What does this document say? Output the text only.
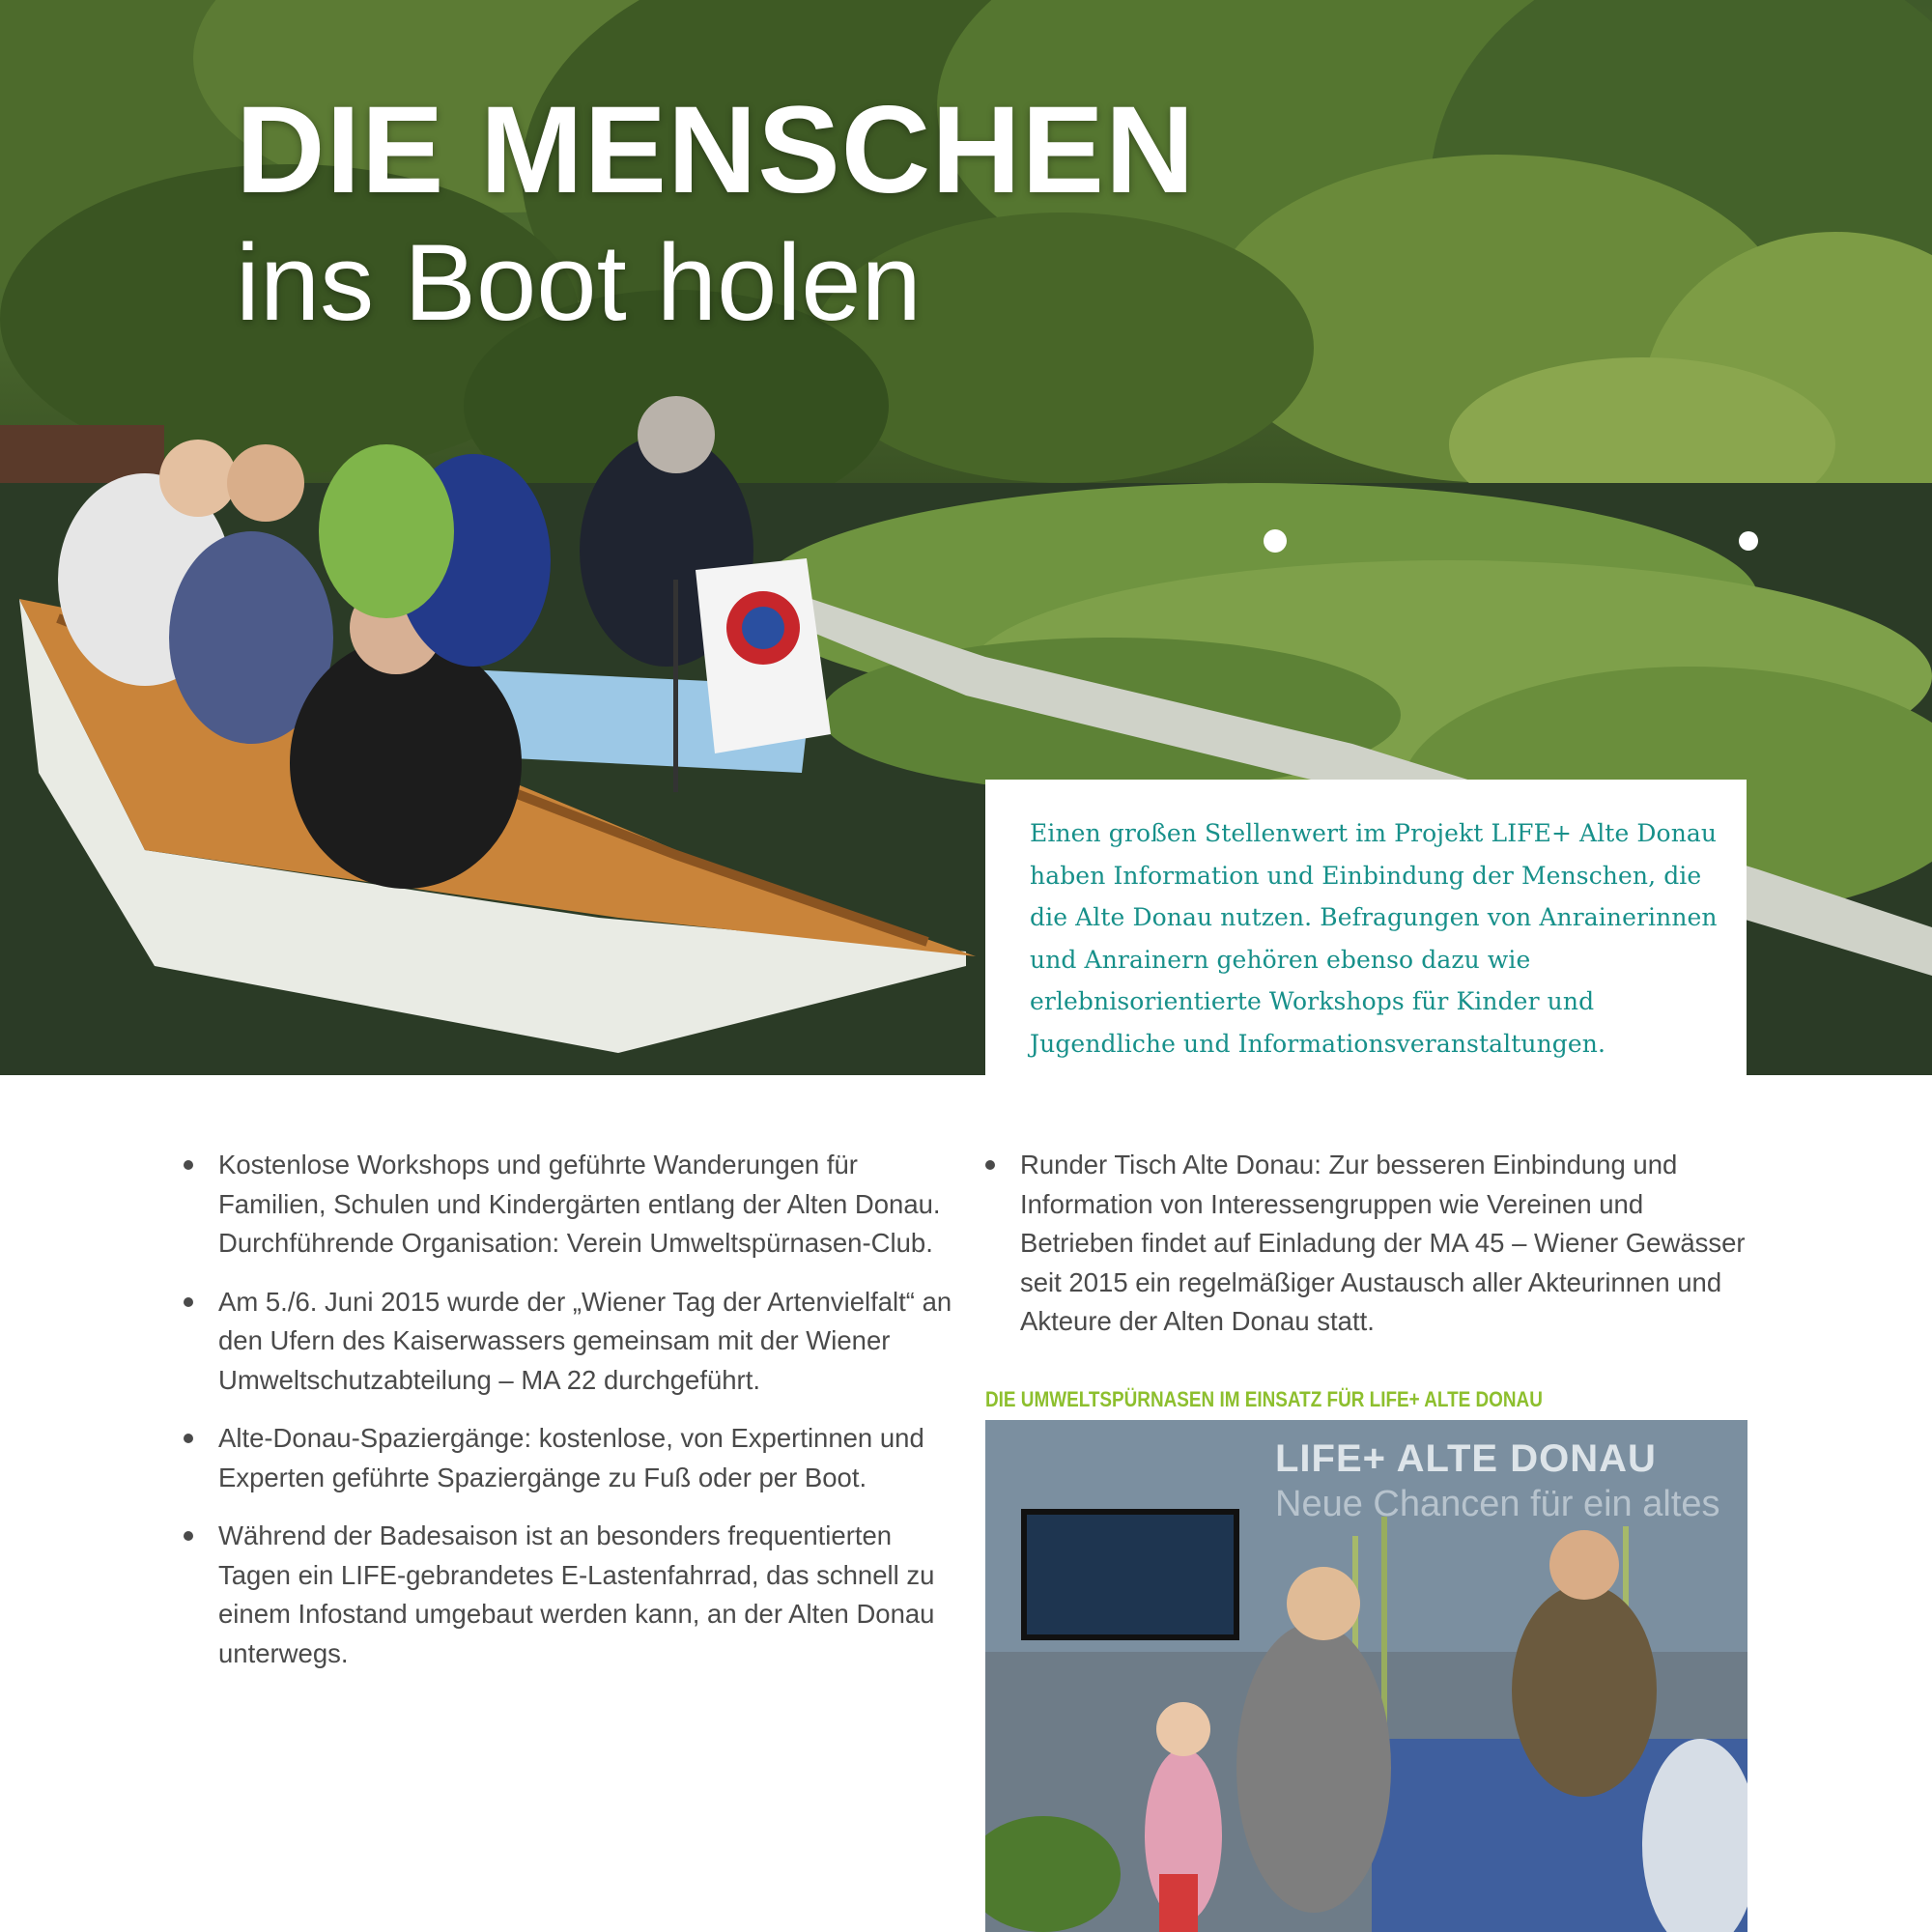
DIE MENSCHEN
ins Boot holen

Einen großen Stellenwert im Projekt LIFE+ Alte Donau haben Information und Einbindung der Menschen, die die Alte Donau nutzen. Befragungen von Anrainerinnen und Anrainern gehören ebenso dazu wie erlebnisorientierte Workshops für Kinder und Jugendliche und Informationsveranstaltungen.

Kostenlose Workshops und geführte Wanderungen für Familien, Schulen und Kindergärten entlang der Alten Donau. Durchführende Organisation: Verein Umweltspürnasen-Club.
Am 5./6. Juni 2015 wurde der „Wiener Tag der Artenvielfalt“ an den Ufern des Kaiserwassers gemeinsam mit der Wiener Umweltschutzabteilung – MA 22 durchgeführt.
Alte-Donau-Spaziergänge: kostenlose, von Expertinnen und Experten geführte Spaziergänge zu Fuß oder per Boot.
Während der Badesaison ist an besonders frequentierten Tagen ein LIFE-gebrandetes E-Lastenfahrrad, das schnell zu einem Infostand umgebaut werden kann, an der Alten Donau unterwegs.
Runder Tisch Alte Donau: Zur besseren Einbindung und Information von Interessengruppen wie Vereinen und Betrieben findet auf Einladung der MA 45 – Wiener Gewässer seit 2015 ein regelmäßiger Austausch aller Akteurinnen und Akteure der Alten Donau statt.
DIE UMWELTSPÜRNASEN IM EINSATZ FÜR LIFE+ ALTE DONAU
LIFE+ ALTE DONAU
Neue Chancen für ein altes
